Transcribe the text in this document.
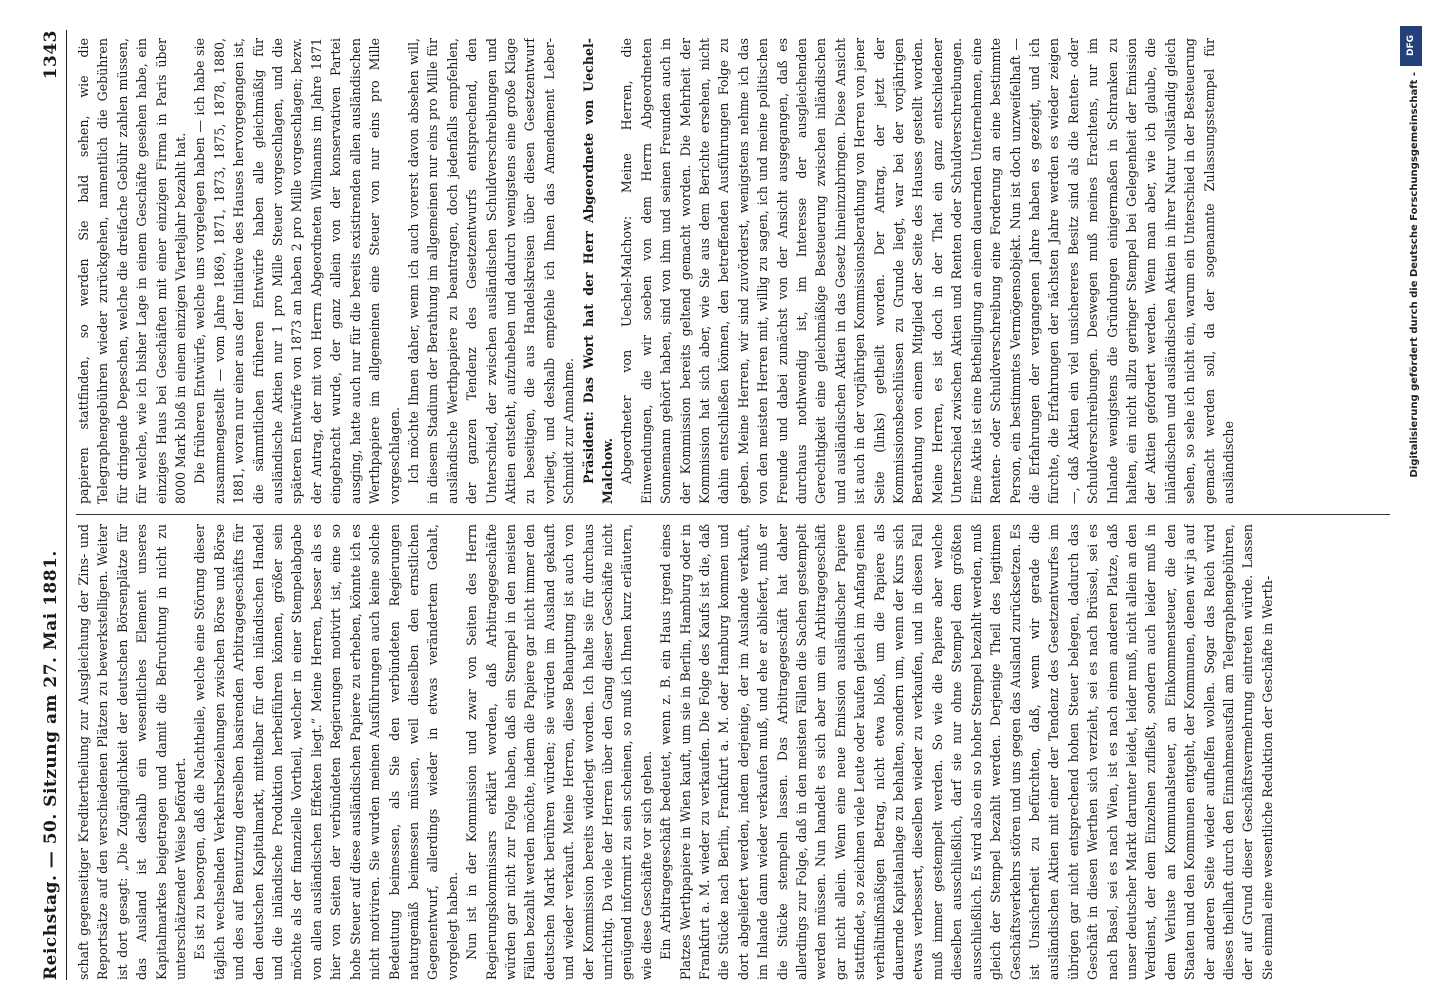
Reichstag. — 50. Sitzung am 27. Mai 1881.
1343

schaft gegenseitiger Kreditertheilung zur Ausgleichung der Zins- und Reportsätze auf den verschiedenen Plätzen zu bewerkstelligen. Weiter ist dort gesagt: „Die Zugänglichkeit der deutschen Börsenplätze für das Ausland ist deshalb ein wesentliches Element unseres Kapitalmarktes beigetragen und damit die Befruchtung in nicht zu unterschätzender Weise befördert. Es ist zu besorgen, daß die Nachtheile, welche eine Störung dieser täglich wechselnden Verkehrsbeziehungen zwischen Börse und Börse und des auf Benutzung derselben basirenden Arbitragegeschäfts für den deutschen Kapitalmarkt, mittelbar für den inländischen Handel und die inländische Produktion herbeiführen können, größer sein möchte als der finanzielle Vortheil, welcher in einer Stempelabgabe von allen ausländischen Effekten liegt.“ Meine Herren, besser als es hier von Seiten der verbündeten Regierungen motivirt ist, eine so hohe Steuer auf diese ausländischen Papiere zu erheben, könnte ich es nicht motiviren. Sie wurden meinen Ausführungen auch keine solche Bedeutung beimessen, als Sie den verbündeten Regierungen naturgemäß beimessen müssen, weil dieselben den ernstlichen Gegenentwurf, allerdings wieder in etwas verändertem Gehalt, vorgelegt haben. Nun ist in der Kommission und zwar von Seiten des Herrn Regierungskommissars erklärt worden, daß Arbitragegeschäfte würden gar nicht zur Folge haben, daß ein Stempel in den meisten Fällen bezahlt werden möchte, indem die Papiere gar nicht immer den deutschen Markt berühren würden; sie würden im Ausland gekauft und wieder verkauft. Meine Herren, diese Behauptung ist auch von der Kommission bereits widerlegt worden. Ich halte sie für durchaus unrichtig. Da viele der Herren über den Gang dieser Geschäfte nicht genügend informirt zu sein scheinen, so muß ich Ihnen kurz erläutern, wie diese Geschäfte vor sich gehen. Ein Arbitragegeschäft bedeutet, wenn z. B. ein Haus irgend eines Platzes Werthpapiere in Wien kauft, um sie in Berlin, Hamburg oder in Frankfurt a. M. wieder zu verkaufen. Die Folge des Kaufs ist die, daß die Stücke nach Berlin, Frankfurt a. M. oder Hamburg kommen und dort abgeliefert werden, indem derjenige, der im Auslande verkauft, im Inlande dann wieder verkaufen muß, und ehe er abliefert, muß er die Stücke stempeln lassen. Das Arbitragegeschäft hat daher allerdings zur Folge, daß in den meisten Fällen die Sachen gestempelt werden müssen. Nun handelt es sich aber um ein Arbitragegeschäft gar nicht allein. Wenn eine neue Emission ausländischer Papiere stattfindet, so zeichnen viele Leute oder kaufen gleich im Anfang einen verhältnißmäßigen Betrag, nicht etwa bloß, um die Papiere als dauernde Kapitalanlage zu behalten, sondern um, wenn der Kurs sich etwas verbessert, dieselben wieder zu verkaufen, und in diesen Fall muß immer gestempelt werden. So wie die Papiere aber welche dieselben ausschließlich, darf sie nur ohne Stempel dem größten ausschließlich. Es wird also ein so hoher Stempel bezahlt werden, muß gleich der Stempel bezahlt werden. Derjenige Theil des legitimen Geschäftsverkehrs stören und uns gegen das Ausland zurücksetzen. Es ist Unsicherheit zu befürchten, daß, wenn wir gerade die ausländischen Aktien mit einer der Tendenz des Gesetzentwurfes im übrigen gar nicht entsprechend hohen Steuer belegen, dadurch das Geschäft in diesen Werthen sich verzieht, sei es nach Brüssel, sei es nach Basel, sei es nach Wien, ist es nach einem anderen Platze, daß unser deutscher Markt darunter leidet, leider muß, nicht allein an den Verdienst, der dem Einzelnen zufließt, sondern auch leider muß in dem Verluste an Kommunalsteuer, an Einkommensteuer, die den Staaten und den Kommunen entgeht, der Kommunen, denen wir ja auf der anderen Seite wieder aufhelfen wollen. Sogar das Reich wird dieses theilhaft durch den Einnahmeausfall am Telegraphengebühren, der auf Grund dieser Geschäftsvermehrung eintreten würde. Lassen Sie einmal eine wesentliche Reduktion der Geschäfte in Werth-

papieren stattfinden, so werden Sie bald sehen, wie die Telegraphengebühren wieder zurückgehen, namentlich die Gebühren für dringende Depeschen, welche die dreifache Gebühr zahlen müssen, für welche, wie ich bisher Lage in einem Geschäfte gesehen habe, ein einziges Haus bei Geschäften mit einer einzigen Firma in Paris über 8000 Mark bloß in einem einzigen Vierteljahr bezahlt hat. Die früheren Entwürfe, welche uns vorgelegen haben — ich habe sie zusammengestellt — vom Jahre 1869, 1871, 1873, 1875, 1878, 1880, 1881, woran nur einer aus der Initiative des Hauses hervorgegangen ist, die sämmtlichen früheren Entwürfe haben alle gleichmäßig für ausländische Aktien nur 1 pro Mille Steuer vorgeschlagen, und die späteren Entwürfe von 1873 an haben 2 pro Mille vorgeschlagen; bezw. der Antrag, der mit von Herrn Abgeordneten Wilmanns im Jahre 1871 eingebracht wurde, der ganz allein von der konservativen Partei ausging, hatte auch nur für die bereits existirenden allen ausländischen Werthpapiere im allgemeinen eine Steuer von nur eins pro Mille vorgeschlagen. Ich möchte Ihnen daher, wenn ich auch vorerst davon absehen will, in diesem Stadium der Berathung im allgemeinen nur eins pro Mille für ausländische Werthpapiere zu beantragen, doch jedenfalls empfehlen, der ganzen Tendenz des Gesetzentwurfs entsprechend, den Unterschied, der zwischen ausländischen Schuldverschreibungen und Aktien entsteht, aufzuheben und dadurch wenigstens eine große Klage zu beseitigen, die aus Handelskreisen über diesen Gesetzentwurf vorliegt, und deshalb empfehle ich Ihnen das Amendement Leber-Schmidt zur Annahme. Präsident: Das Wort hat der Herr Abgeordnete von Uechel-Malchow. Abgeordneter von Uechel-Malchow: Meine Herren, die Einwendungen, die wir soeben von dem Herrn Abgeordneten Sonnemann gehört haben, sind von ihm und seinen Freunden auch in der Kommission bereits geltend gemacht worden. Die Mehrheit der Kommission hat sich aber, wie Sie aus dem Berichte ersehen, nicht dahin entschließen können, den betreffenden Ausführungen Folge zu geben. Meine Herren, wir sind zuvörderst, wenigstens nehme ich das von den meisten Herren mit, willig zu sagen, ich und meine politischen Freunde und dabei zunächst von der Ansicht ausgegangen, daß es durchaus nothwendig ist, im Interesse der ausgleichenden Gerechtigkeit eine gleichmäßige Besteuerung zwischen inländischen und ausländischen Aktien in das Gesetz hineinzubringen. Diese Ansicht ist auch in der vorjährigen Kommissionsberathung von Herren von jener Seite (links) getheilt worden. Der Antrag, der jetzt der Kommissionsbeschlüssen zu Grunde liegt, war bei der vorjährigen Berathung von einem Mitglied der Seite des Hauses gestellt worden. Meine Herren, es ist doch in der That ein ganz entschiedener Unterschied zwischen Aktien und Renten oder Schuldverschreibungen. Eine Aktie ist eine Betheiligung an einem dauernden Unternehmen, eine Renten- oder Schuldverschreibung eine Forderung an eine bestimmte Person, ein bestimmtes Vermögensobjekt. Nun ist doch unzweifelhaft — die Erfahrungen der vergangenen Jahre haben es gezeigt, und ich fürchte, die Erfahrungen der nächsten Jahre werden es wieder zeigen —, daß Aktien ein viel unsichereres Besitz sind als die Renten- oder Schuldverschreibungen. Deswegen muß meines Erachtens, nur im Inlande wenigstens die Gründungen einigermaßen in Schranken zu halten, ein nicht allzu geringer Stempel bei Gelegenheit der Emission der Aktien gefordert werden. Wenn man aber, wie ich glaube, die inländischen und ausländischen Aktien in ihrer Natur vollständig gleich sehen, so sehe ich nicht ein, warum ein Unterschied in der Besteuerung gemacht werden soll, da der sogenannte Zulassungsstempel für ausländische

DFG
Digitalisierung gefördert durch die Deutsche Forschungsgemeinschaft -
